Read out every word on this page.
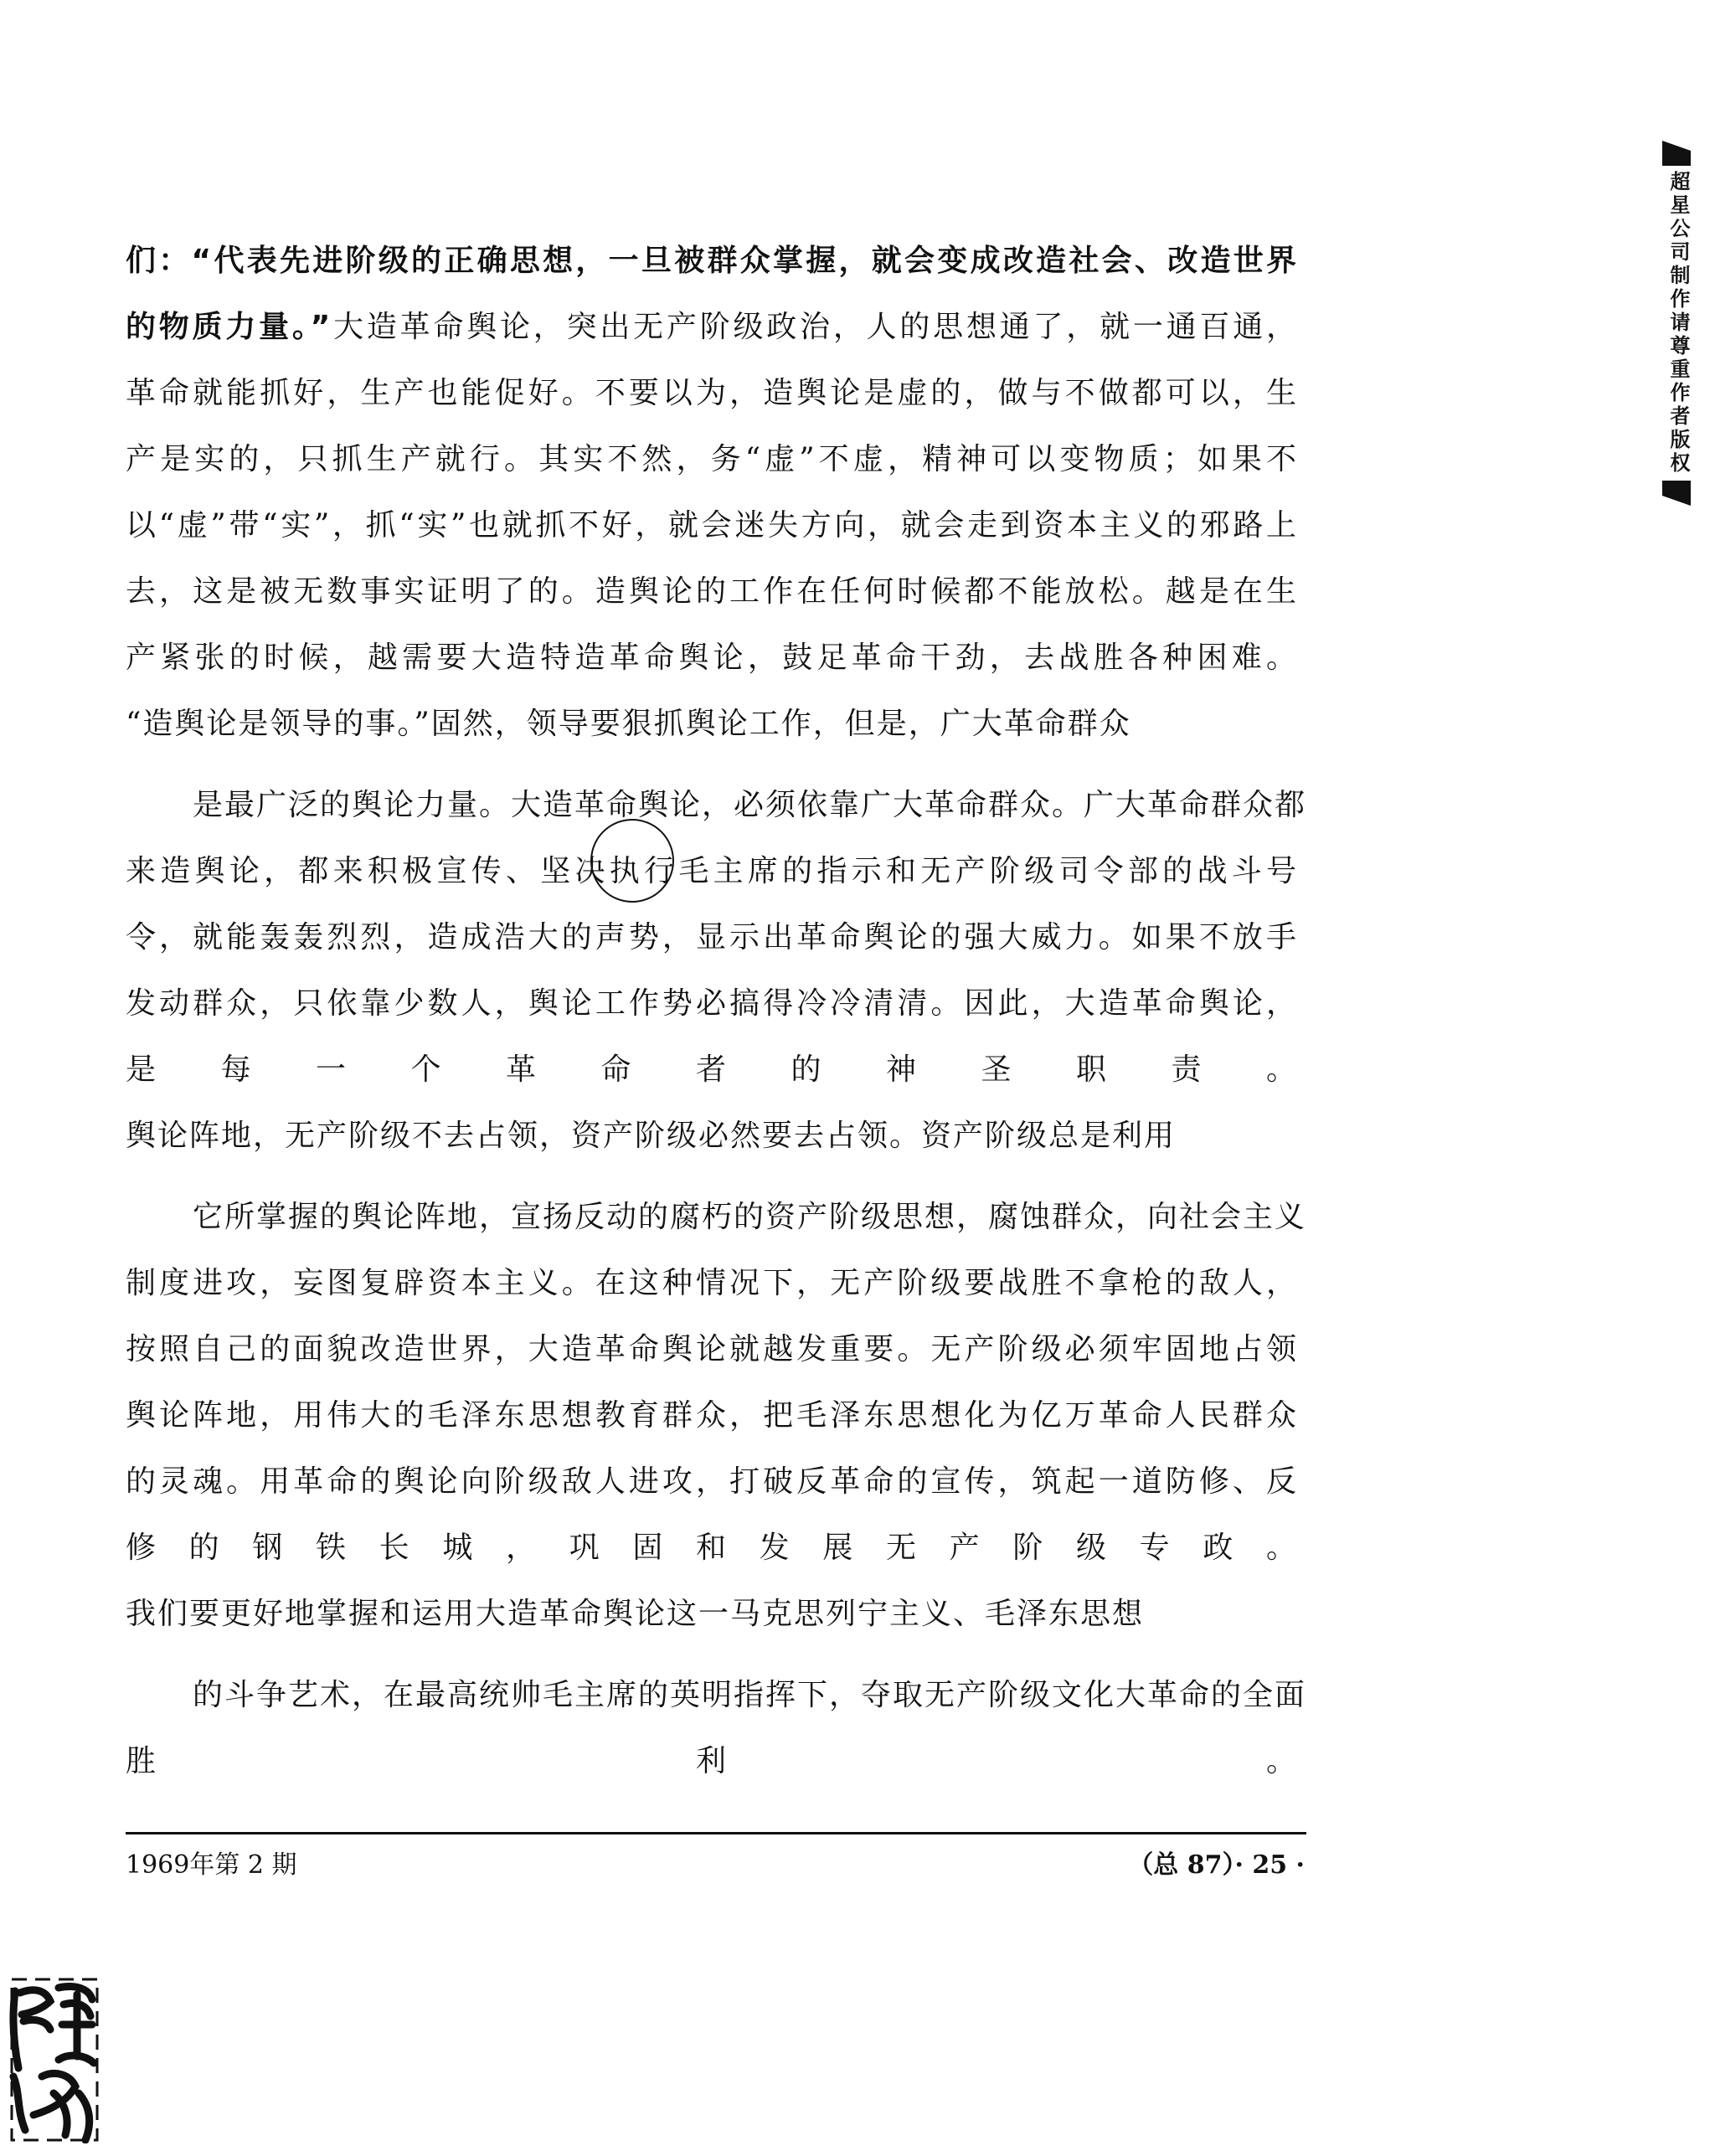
们：“代表先进阶级的正确思想，一旦被群众掌握，就会变成改造社会、改造世界
的物质力量。”大造革命舆论，突出无产阶级政治，人的思想通了，就一通百通，
革命就能抓好，生产也能促好。不要以为，造舆论是虚的，做与不做都可以，生
产是实的，只抓生产就行。其实不然，务“虚”不虚，精神可以变物质；如果不
以“虚”带“实”，抓“实”也就抓不好，就会迷失方向，就会走到资本主义的邪路上
去，这是被无数事实证明了的。造舆论的工作在任何时候都不能放松。越是在生
产紧张的时候，越需要大造特造革命舆论，鼓足革命干劲，去战胜各种困难。
“造舆论是领导的事。”固然，领导要狠抓舆论工作，但是，广大革命群众
是最广泛的舆论力量。大造革命舆论，必须依靠广大革命群众。广大革命群众都
来造舆论，都来积极宣传、坚决执行毛主席的指示和无产阶级司令部的战斗号
令，就能轰轰烈烈，造成浩大的声势，显示出革命舆论的强大威力。如果不放手
发动群众，只依靠少数人，舆论工作势必搞得冷冷清清。因此，大造革命舆论，
是每一个革命者的神圣职责。
舆论阵地，无产阶级不去占领，资产阶级必然要去占领。资产阶级总是利用
它所掌握的舆论阵地，宣扬反动的腐朽的资产阶级思想，腐蚀群众，向社会主义
制度进攻，妄图复辟资本主义。在这种情况下，无产阶级要战胜不拿枪的敌人，
按照自己的面貌改造世界，大造革命舆论就越发重要。无产阶级必须牢固地占领
舆论阵地，用伟大的毛泽东思想教育群众，把毛泽东思想化为亿万革命人民群众
的灵魂。用革命的舆论向阶级敌人进攻，打破反革命的宣传，筑起一道防修、反
修的钢铁长城，巩固和发展无产阶级专政。
我们要更好地掌握和运用大造革命舆论这一马克思列宁主义、毛泽东思想
的斗争艺术，在最高统帅毛主席的英明指挥下，夺取无产阶级文化大革命的全面
胜利。
1969年第 2 期	（总 87）· 25 ·
超星公司制作请尊重作者版权
